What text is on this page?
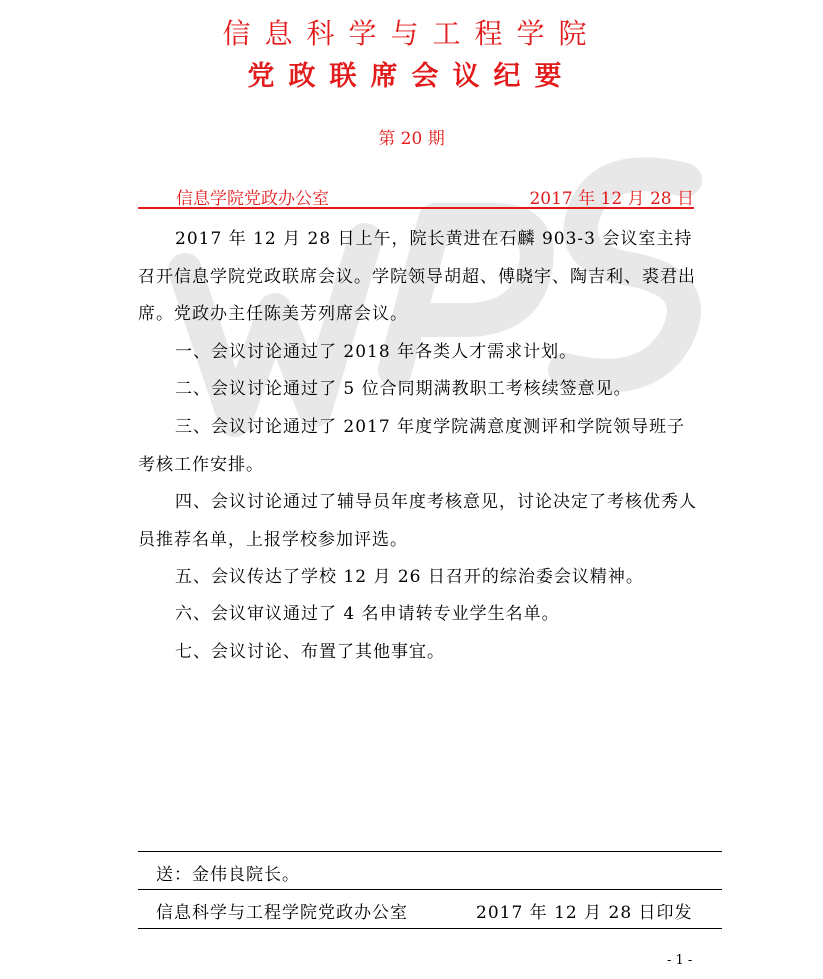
信息科学与工程学院
党政联席会议纪要
第 20 期
信息学院党政办公室	2017 年 12 月 28 日
2017 年 12 月 28 日上午，院长黄进在石麟 903-3 会议室主持召开信息学院党政联席会议。学院领导胡超、傅晓宇、陶吉利、裘君出席。党政办主任陈美芳列席会议。
一、会议讨论通过了 2018 年各类人才需求计划。
二、会议讨论通过了 5 位合同期满教职工考核续签意见。
三、会议讨论通过了 2017 年度学院满意度测评和学院领导班子考核工作安排。
四、会议讨论通过了辅导员年度考核意见，讨论决定了考核优秀人员推荐名单，上报学校参加评选。
五、会议传达了学校 12 月 26 日召开的综治委会议精神。
六、会议审议通过了 4 名申请转专业学生名单。
七、会议讨论、布置了其他事宜。
送：金伟良院长。
信息科学与工程学院党政办公室	2017 年 12 月 28 日印发
- 1 -
